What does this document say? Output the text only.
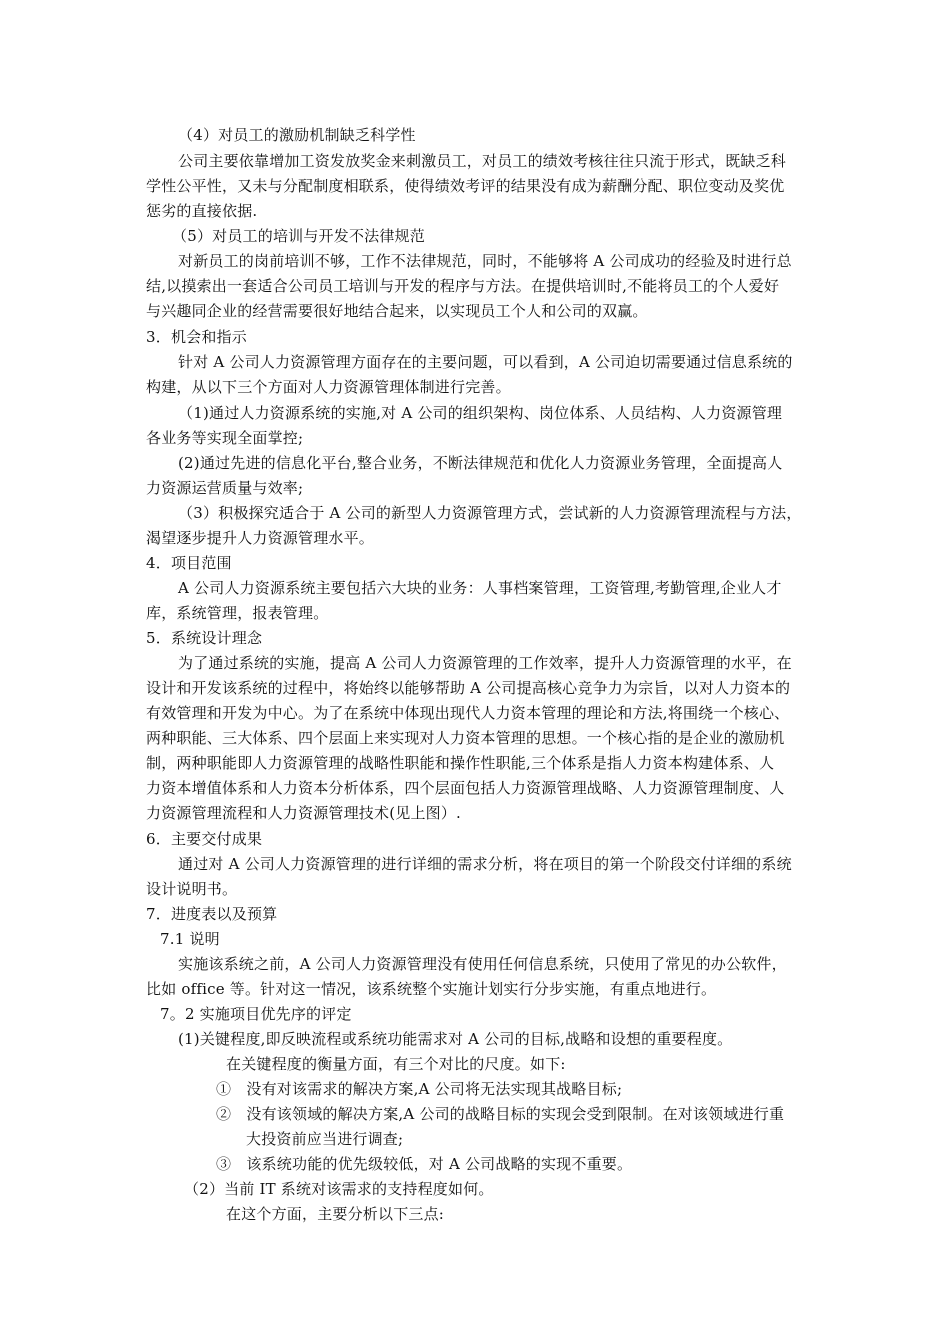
（4）对员工的激励机制缺乏科学性
公司主要依靠增加工资发放奖金来刺激员工，对员工的绩效考核往往只流于形式，既缺乏科
学性公平性，又未与分配制度相联系，使得绩效考评的结果没有成为薪酬分配、职位变动及奖优
惩劣的直接依据.
（5）对员工的培训与开发不法律规范
对新员工的岗前培训不够，工作不法律规范，同时，不能够将 A 公司成功的经验及时进行总
结,以摸索出一套适合公司员工培训与开发的程序与方法。在提供培训时,不能将员工的个人爱好
与兴趣同企业的经营需要很好地结合起来，以实现员工个人和公司的双赢。
3．机会和指示
针对 A 公司人力资源管理方面存在的主要问题，可以看到，A 公司迫切需要通过信息系统的
构建，从以下三个方面对人力资源管理体制进行完善。
（1)通过人力资源系统的实施,对 A 公司的组织架构、岗位体系、人员结构、人力资源管理
各业务等实现全面掌控;
(2)通过先进的信息化平台,整合业务，不断法律规范和优化人力资源业务管理，全面提高人
力资源运营质量与效率;
（3）积极探究适合于 A 公司的新型人力资源管理方式，尝试新的人力资源管理流程与方法，
渴望逐步提升人力资源管理水平。
4．项目范围
A 公司人力资源系统主要包括六大块的业务：人事档案管理，工资管理,考勤管理,企业人才
库，系统管理，报表管理。
5．系统设计理念
为了通过系统的实施，提高 A 公司人力资源管理的工作效率，提升人力资源管理的水平，在
设计和开发该系统的过程中，将始终以能够帮助 A 公司提高核心竞争力为宗旨，以对人力资本的
有效管理和开发为中心。为了在系统中体现出现代人力资本管理的理论和方法,将围绕一个核心、
两种职能、三大体系、四个层面上来实现对人力资本管理的思想。一个核心指的是企业的激励机
制，两种职能即人力资源管理的战略性职能和操作性职能,三个体系是指人力资本构建体系、人
力资本增值体系和人力资本分析体系，四个层面包括人力资源管理战略、人力资源管理制度、人
力资源管理流程和人力资源管理技术(见上图）.
6．主要交付成果
通过对 A 公司人力资源管理的进行详细的需求分析，将在项目的第一个阶段交付详细的系统
设计说明书。
7．进度表以及预算
7.1 说明
实施该系统之前，A 公司人力资源管理没有使用任何信息系统，只使用了常见的办公软件，
比如 office 等。针对这一情况，该系统整个实施计划实行分步实施，有重点地进行。
7。2 实施项目优先序的评定
(1)关键程度,即反映流程或系统功能需求对 A 公司的目标,战略和设想的重要程度。
在关键程度的衡量方面，有三个对比的尺度。如下:
①　没有对该需求的解决方案,A 公司将无法实现其战略目标;
②　没有该领域的解决方案,A 公司的战略目标的实现会受到限制。在对该领域进行重
大投资前应当进行调查;
③　该系统功能的优先级较低，对 A 公司战略的实现不重要。
（2）当前 IT 系统对该需求的支持程度如何。
在这个方面，主要分析以下三点:
